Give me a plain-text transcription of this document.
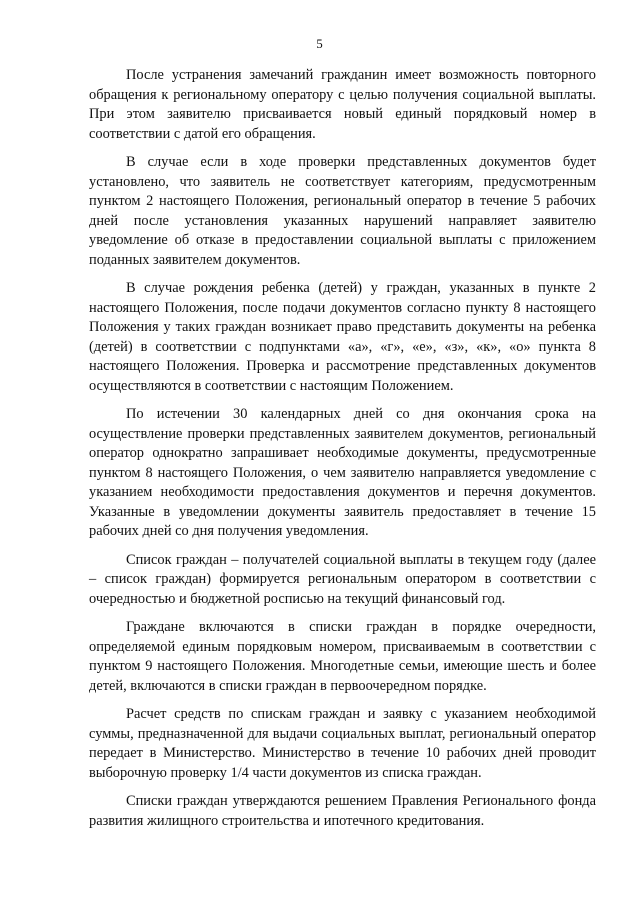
5

После устранения замечаний гражданин имеет возможность повторного обращения к региональному оператору с целью получения социальной выплаты. При этом заявителю присваивается новый единый порядковый номер в соответствии с датой его обращения.

В случае если в ходе проверки представленных документов будет установлено, что заявитель не соответствует категориям, предусмотренным пунктом 2 настоящего Положения, региональный оператор в течение 5 рабочих дней после установления указанных нарушений направляет заявителю уведомление об отказе в предоставлении социальной выплаты с приложением поданных заявителем документов.

В случае рождения ребенка (детей) у граждан, указанных в пункте 2 настоящего Положения, после подачи документов согласно пункту 8 настоящего Положения у таких граждан возникает право представить документы на ребенка (детей) в соответствии с подпунктами «а», «г», «е», «з», «к», «о» пункта 8 настоящего Положения. Проверка и рассмотрение представленных документов осуществляются в соответствии с настоящим Положением.

По истечении 30 календарных дней со дня окончания срока на осуществление проверки представленных заявителем документов, региональный оператор однократно запрашивает необходимые документы, предусмотренные пунктом 8 настоящего Положения, о чем заявителю направляется уведомление с указанием необходимости предоставления документов и перечня документов. Указанные в уведомлении документы заявитель предоставляет в течение 15 рабочих дней со дня получения уведомления.

Список граждан – получателей социальной выплаты в текущем году (далее – список граждан) формируется региональным оператором в соответствии с очередностью и бюджетной росписью на текущий финансовый год.

Граждане включаются в списки граждан в порядке очередности, определяемой единым порядковым номером, присваиваемым в соответствии с пунктом 9 настоящего Положения. Многодетные семьи, имеющие шесть и более детей, включаются в списки граждан в первоочередном порядке.

Расчет средств по спискам граждан и заявку с указанием необходимой суммы, предназначенной для выдачи социальных выплат, региональный оператор передает в Министерство. Министерство в течение 10 рабочих дней проводит выборочную проверку 1/4 части документов из списка граждан.

Списки граждан утверждаются решением Правления Регионального фонда развития жилищного строительства и ипотечного кредитования.
